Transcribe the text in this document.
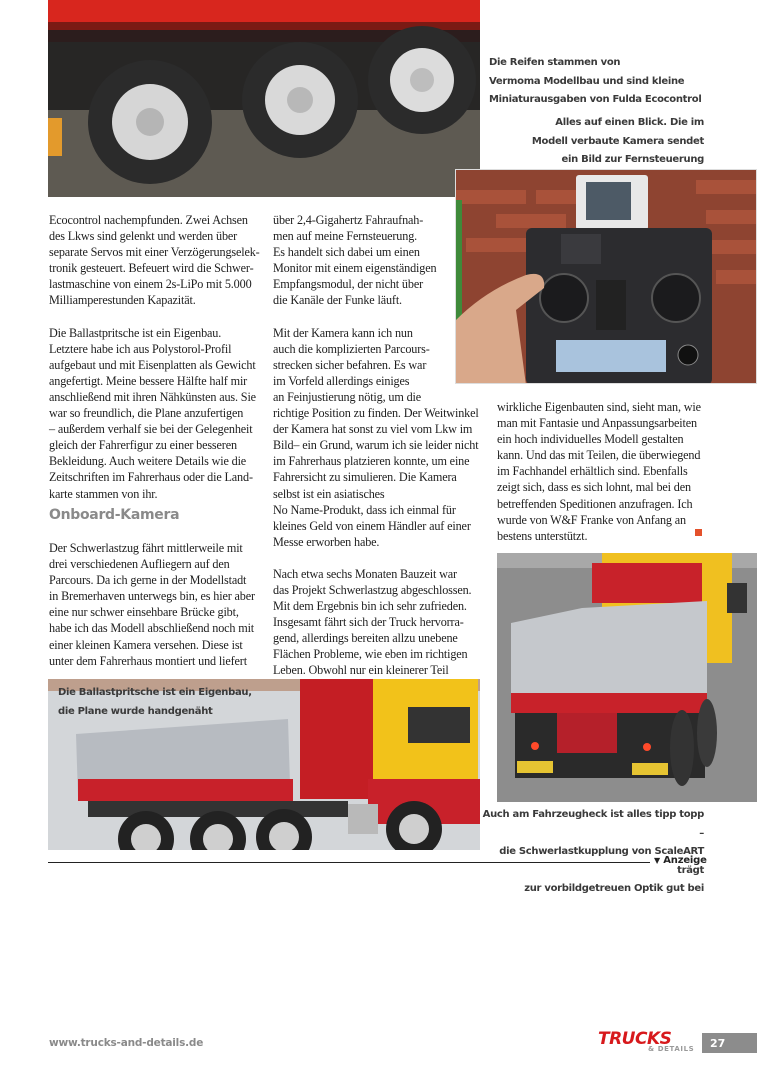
Die Reifen stammen von
Vermoma Modellbau und sind kleine
Miniaturausgaben von Fulda Ecocontrol
Alles auf einen Blick. Die im
Modell verbaute Kamera sendet
ein Bild zur Fernsteuerung

Ecocontrol nachempfunden. Zwei Achsen
des Lkws sind gelenkt und werden über
separate Servos mit einer Verzögerungselek-
tronik gesteuert. Befeuert wird die Schwer-
lastmaschine von einem 2s-LiPo mit 5.000
Milliamperestunden Kapazität.

Die Ballastpritsche ist ein Eigenbau.
Letztere habe ich aus Polystorol-Profil
aufgebaut und mit Eisenplatten als Gewicht
angefertigt. Meine bessere Hälfte half mir
anschließend mit ihren Nähkünsten aus. Sie
war so freundlich, die Plane anzufertigen
– außerdem verhalf sie bei der Gelegenheit
gleich der Fahrerfigur zu einer besseren
Bekleidung. Auch weitere Details wie die
Zeitschriften im Fahrerhaus oder die Land-
karte stammen von ihr.

Onboard-Kamera

Der Schwerlastzug fährt mittlerweile mit
drei verschiedenen Aufliegern auf den
Parcours. Da ich gerne in der Modellstadt
in Bremerhaven unterwegs bin, es hier aber
eine nur schwer einsehbare Brücke gibt,
habe ich das Modell abschließend noch mit
einer kleinen Kamera versehen. Diese ist
unter dem Fahrerhaus montiert und liefert

über 2,4-Gigahertz Fahraufnah-
men auf meine Fernsteuerung.
Es handelt sich dabei um einen
Monitor mit einem eigenständigen
Empfangsmodul, der nicht über
die Kanäle der Funke läuft.

Mit der Kamera kann ich nun
auch die komplizierten Parcours-
strecken sicher befahren. Es war
im Vorfeld allerdings einiges
an Feinjustierung nötig, um die
richtige Position zu finden. Der Weitwinkel
der Kamera hat sonst zu viel vom Lkw im
Bild– ein Grund, warum ich sie leider nicht
im Fahrerhaus platzieren konnte, um eine
Fahrersicht zu simulieren. Die Kamera
selbst ist ein asiatisches
No Name-Produkt, dass ich einmal für
kleines Geld von einem Händler auf einer
Messe erworben habe.

Nach etwa sechs Monaten Bauzeit war
das Projekt Schwerlastzug abgeschlossen.
Mit dem Ergebnis bin ich sehr zufrieden.
Insgesamt fährt sich der Truck hervorra-
gend, allerdings bereiten allzu unebene
Flächen Probleme, wie eben im richtigen
Leben. Obwohl nur ein kleinerer Teil

wirkliche Eigenbauten sind, sieht man, wie
man mit Fantasie und Anpassungsarbeiten
ein hoch individuelles Modell gestalten
kann. Und das mit Teilen, die überwiegend
im Fachhandel erhältlich sind. Ebenfalls
zeigt sich, dass es sich lohnt, mal bei den
betreffenden Speditionen anzufragen. Ich
wurde von W&F Franke von Anfang an
bestens unterstützt.

Die Ballastpritsche ist ein Eigenbau,
die Plane wurde handgenäht
Auch am Fahrzeugheck ist alles tipp topp –
die Schwerlastkupplung von ScaleART trägt
zur vorbildgetreuen Optik gut bei
▼ Anzeige
www.trucks-and-details.de	TRUCKS
& DETAILS	27
